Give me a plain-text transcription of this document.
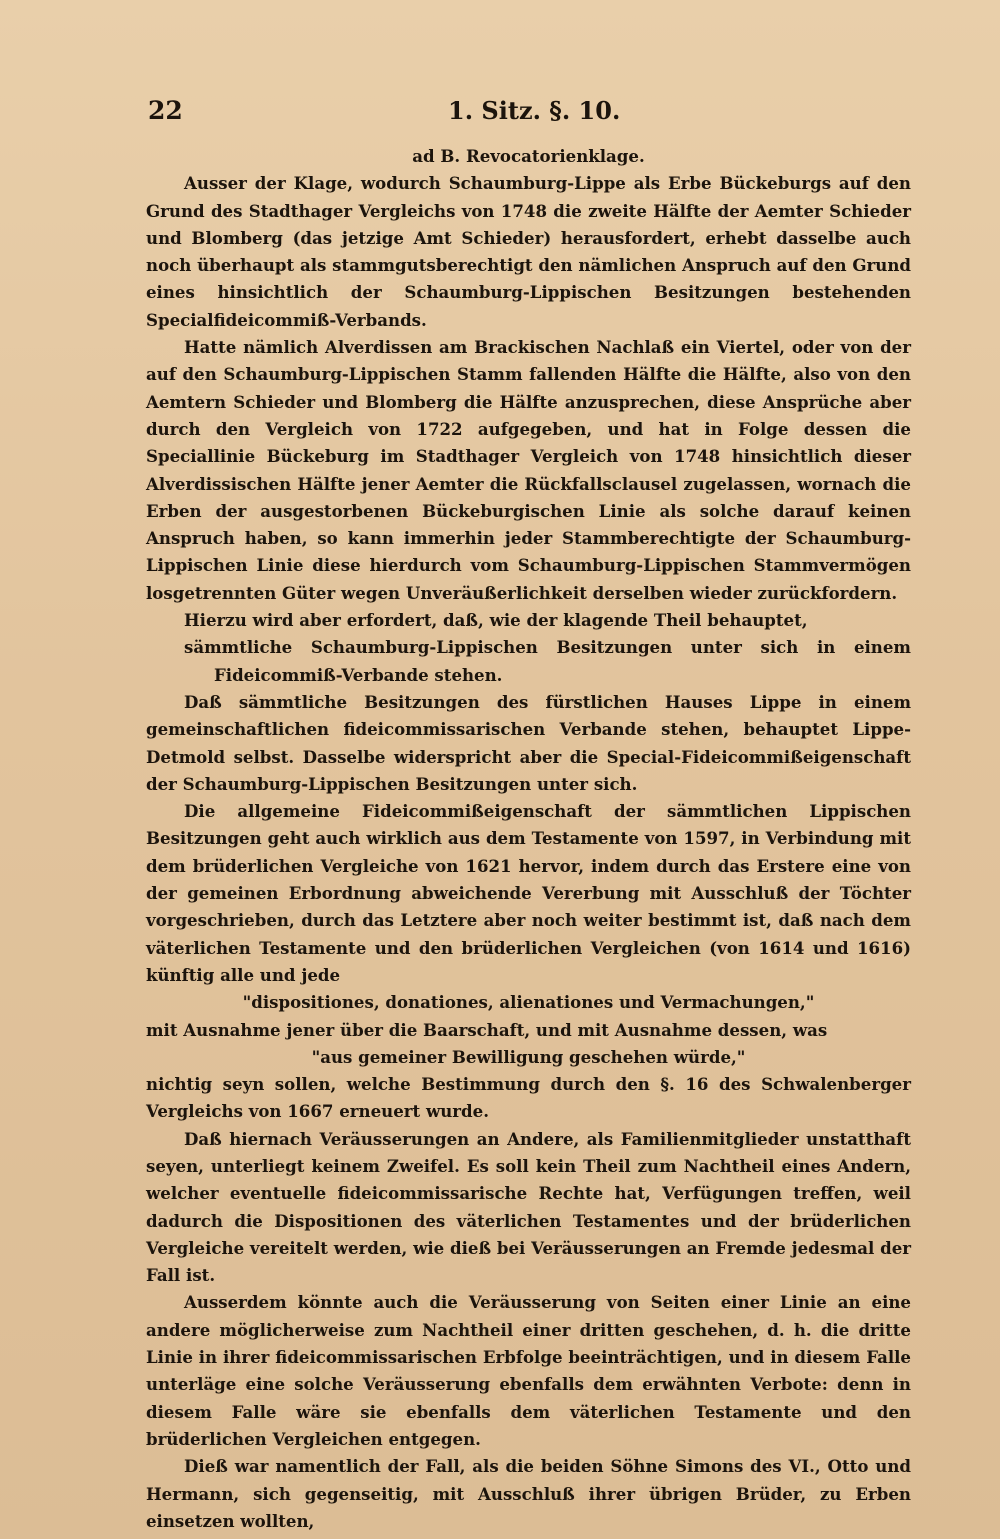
22	1. Sitz. §. 10.

ad B. Revocatorienklage.

Ausser der Klage, wodurch Schaumburg-Lippe als Erbe Bückeburgs auf den Grund des Stadthager Vergleichs von 1748 die zweite Hälfte der Aemter Schieder und Blomberg (das jetzige Amt Schieder) herausfordert, erhebt dasselbe auch noch überhaupt als stammgutsberechtigt den nämlichen Anspruch auf den Grund eines hinsichtlich der Schaumburg-Lippischen Besitzungen bestehenden Specialfideicommiß-Verbands.

Hatte nämlich Alverdissen am Brackischen Nachlaß ein Viertel, oder von der auf den Schaumburg-Lippischen Stamm fallenden Hälfte die Hälfte, also von den Aemtern Schieder und Blomberg die Hälfte anzusprechen, diese Ansprüche aber durch den Vergleich von 1722 aufgegeben, und hat in Folge dessen die Speciallinie Bückeburg im Stadthager Vergleich von 1748 hinsichtlich dieser Alverdissischen Hälfte jener Aemter die Rückfallsclausel zugelassen, wornach die Erben der ausgestorbenen Bückeburgischen Linie als solche darauf keinen Anspruch haben, so kann immerhin jeder Stammberechtigte der Schaumburg-Lippischen Linie diese hierdurch vom Schaumburg-Lippischen Stammvermögen losgetrennten Güter wegen Unveräußerlichkeit derselben wieder zurückfordern.

Hierzu wird aber erfordert, daß, wie der klagende Theil behauptet,

sämmtliche Schaumburg-Lippischen Besitzungen unter sich in einem Fideicommiß-Verbande stehen.

Daß sämmtliche Besitzungen des fürstlichen Hauses Lippe in einem gemeinschaftlichen fideicommissarischen Verbande stehen, behauptet Lippe-Detmold selbst. Dasselbe widerspricht aber die Special-Fideicommißeigenschaft der Schaumburg-Lippischen Besitzungen unter sich.

Die allgemeine Fideicommißeigenschaft der sämmtlichen Lippischen Besitzungen geht auch wirklich aus dem Testamente von 1597, in Verbindung mit dem brüderlichen Vergleiche von 1621 hervor, indem durch das Erstere eine von der gemeinen Erbordnung abweichende Vererbung mit Ausschluß der Töchter vorgeschrieben, durch das Letztere aber noch weiter bestimmt ist, daß nach dem väterlichen Testamente und den brüderlichen Vergleichen (von 1614 und 1616) künftig alle und jede

"dispositiones, donationes, alienationes und Vermachungen,"

mit Ausnahme jener über die Baarschaft, und mit Ausnahme dessen, was

"aus gemeiner Bewilligung geschehen würde,"

nichtig seyn sollen, welche Bestimmung durch den §. 16 des Schwalenberger Vergleichs von 1667 erneuert wurde.

Daß hiernach Veräusserungen an Andere, als Familienmitglieder unstatthaft seyen, unterliegt keinem Zweifel. Es soll kein Theil zum Nachtheil eines Andern, welcher eventuelle fideicommissarische Rechte hat, Verfügungen treffen, weil dadurch die Dispositionen des väterlichen Testamentes und der brüderlichen Vergleiche vereitelt werden, wie dieß bei Veräusserungen an Fremde jedesmal der Fall ist.

Ausserdem könnte auch die Veräusserung von Seiten einer Linie an eine andere möglicherweise zum Nachtheil einer dritten geschehen, d. h. die dritte Linie in ihrer fideicommissarischen Erbfolge beeinträchtigen, und in diesem Falle unterläge eine solche Veräusserung ebenfalls dem erwähnten Verbote: denn in diesem Falle wäre sie ebenfalls dem väterlichen Testamente und den brüderlichen Vergleichen entgegen.

Dieß war namentlich der Fall, als die beiden Söhne Simons des VI., Otto und Hermann, sich gegenseitig, mit Ausschluß ihrer übrigen Brüder, zu Erben einsetzen wollten,
